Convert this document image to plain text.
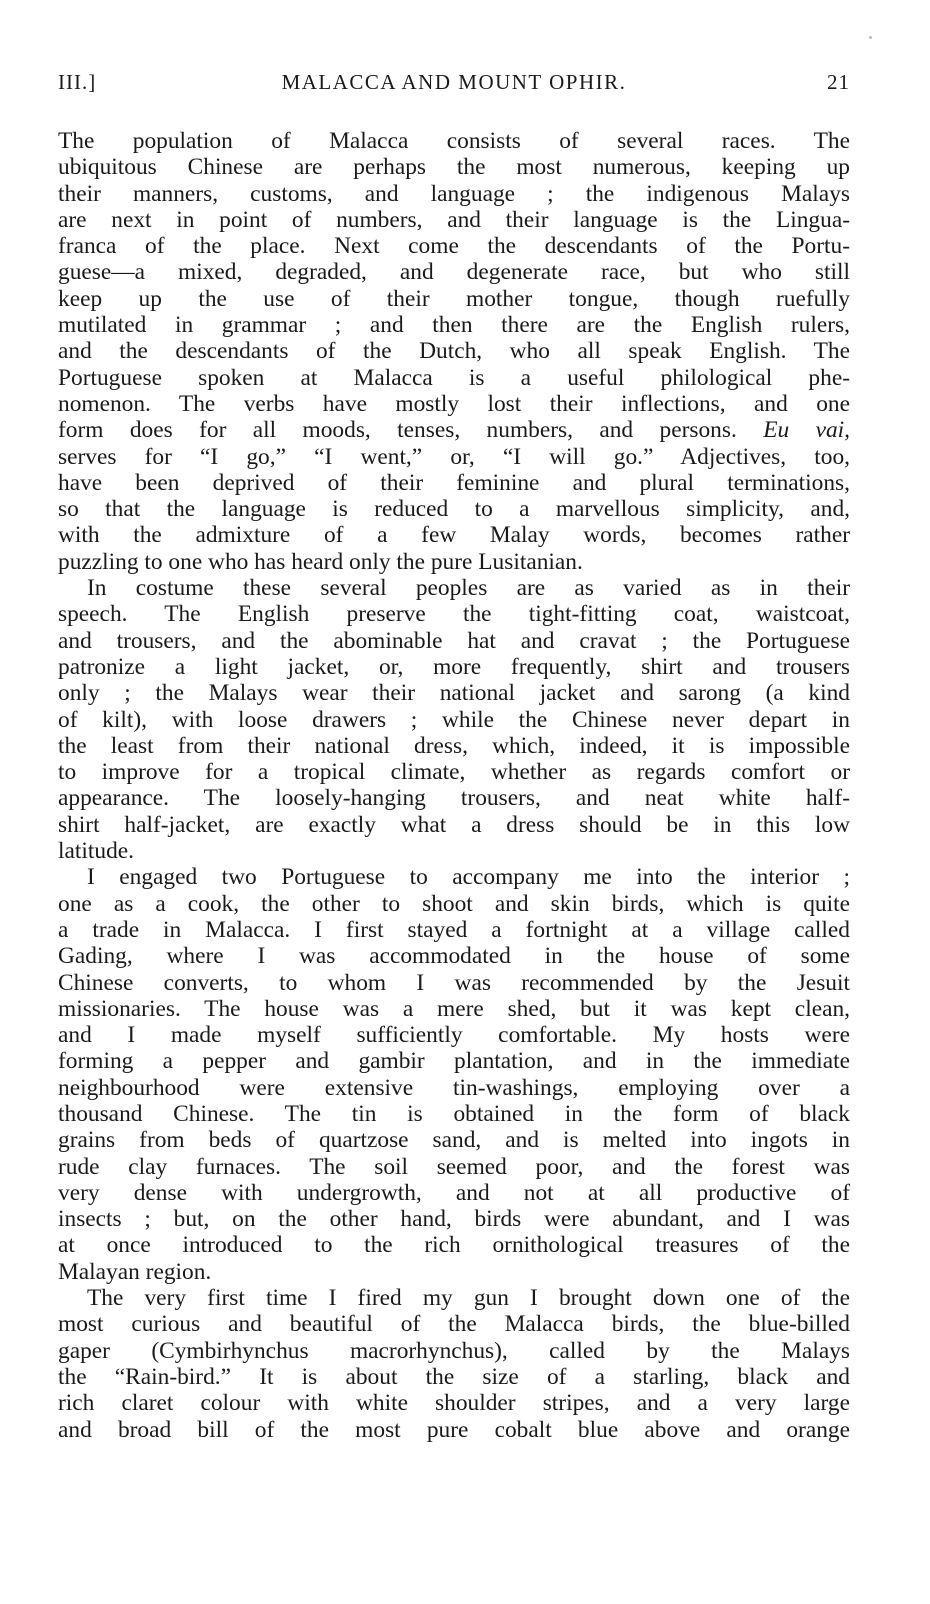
III.]	MALACCA AND MOUNT OPHIR.	21
The population of Malacca consists of several races. The
ubiquitous Chinese are perhaps the most numerous, keeping up
their manners, customs, and language ; the indigenous Malays
are next in point of numbers, and their language is the Lingua-
franca of the place. Next come the descendants of the Portu-
guese—a mixed, degraded, and degenerate race, but who still
keep up the use of their mother tongue, though ruefully
mutilated in grammar ; and then there are the English rulers,
and the descendants of the Dutch, who all speak English. The
Portuguese spoken at Malacca is a useful philological phe-
nomenon. The verbs have mostly lost their inflections, and one
form does for all moods, tenses, numbers, and persons. Eu vai,
serves for “I go,” “I went,” or, “I will go.” Adjectives, too,
have been deprived of their feminine and plural terminations,
so that the language is reduced to a marvellous simplicity, and,
with the admixture of a few Malay words, becomes rather
puzzling to one who has heard only the pure Lusitanian.
In costume these several peoples are as varied as in their
speech. The English preserve the tight-fitting coat, waistcoat,
and trousers, and the abominable hat and cravat ; the Portuguese
patronize a light jacket, or, more frequently, shirt and trousers
only ; the Malays wear their national jacket and sarong (a kind
of kilt), with loose drawers ; while the Chinese never depart in
the least from their national dress, which, indeed, it is impossible
to improve for a tropical climate, whether as regards comfort or
appearance. The loosely-hanging trousers, and neat white half-
shirt half-jacket, are exactly what a dress should be in this low
latitude.
I engaged two Portuguese to accompany me into the interior ;
one as a cook, the other to shoot and skin birds, which is quite
a trade in Malacca. I first stayed a fortnight at a village called
Gading, where I was accommodated in the house of some
Chinese converts, to whom I was recommended by the Jesuit
missionaries. The house was a mere shed, but it was kept clean,
and I made myself sufficiently comfortable. My hosts were
forming a pepper and gambir plantation, and in the immediate
neighbourhood were extensive tin-washings, employing over a
thousand Chinese. The tin is obtained in the form of black
grains from beds of quartzose sand, and is melted into ingots in
rude clay furnaces. The soil seemed poor, and the forest was
very dense with undergrowth, and not at all productive of
insects ; but, on the other hand, birds were abundant, and I was
at once introduced to the rich ornithological treasures of the
Malayan region.
The very first time I fired my gun I brought down one of the
most curious and beautiful of the Malacca birds, the blue-billed
gaper (Cymbirhynchus macrorhynchus), called by the Malays
the “Rain-bird.” It is about the size of a starling, black and
rich claret colour with white shoulder stripes, and a very large
and broad bill of the most pure cobalt blue above and orange
